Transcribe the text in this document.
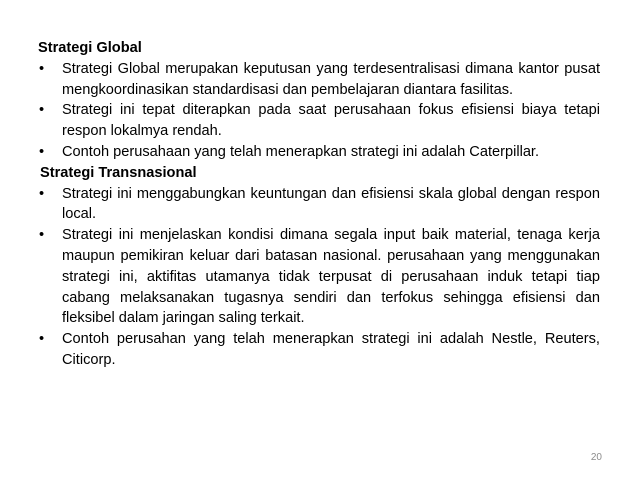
Strategi Global

• Strategi Global merupakan keputusan yang terdesentralisasi dimana kantor pusat mengkoordinasikan standardisasi dan pembelajaran diantara fasilitas.
• Strategi ini tepat diterapkan pada saat perusahaan fokus efisiensi biaya tetapi respon lokalmya rendah.
• Contoh perusahaan yang telah menerapkan strategi ini adalah Caterpillar.

Strategi Transnasional

• Strategi ini menggabungkan keuntungan dan efisiensi skala global dengan respon local.
• Strategi ini menjelaskan kondisi dimana segala input baik material, tenaga kerja maupun pemikiran keluar dari batasan nasional. perusahaan yang menggunakan strategi ini, aktifitas utamanya tidak terpusat di perusahaan induk tetapi tiap cabang melaksanakan tugasnya sendiri dan terfokus sehingga efisiensi dan fleksibel dalam jaringan saling terkait.
• Contoh perusahan yang telah menerapkan strategi ini adalah Nestle, Reuters, Citicorp.
20
